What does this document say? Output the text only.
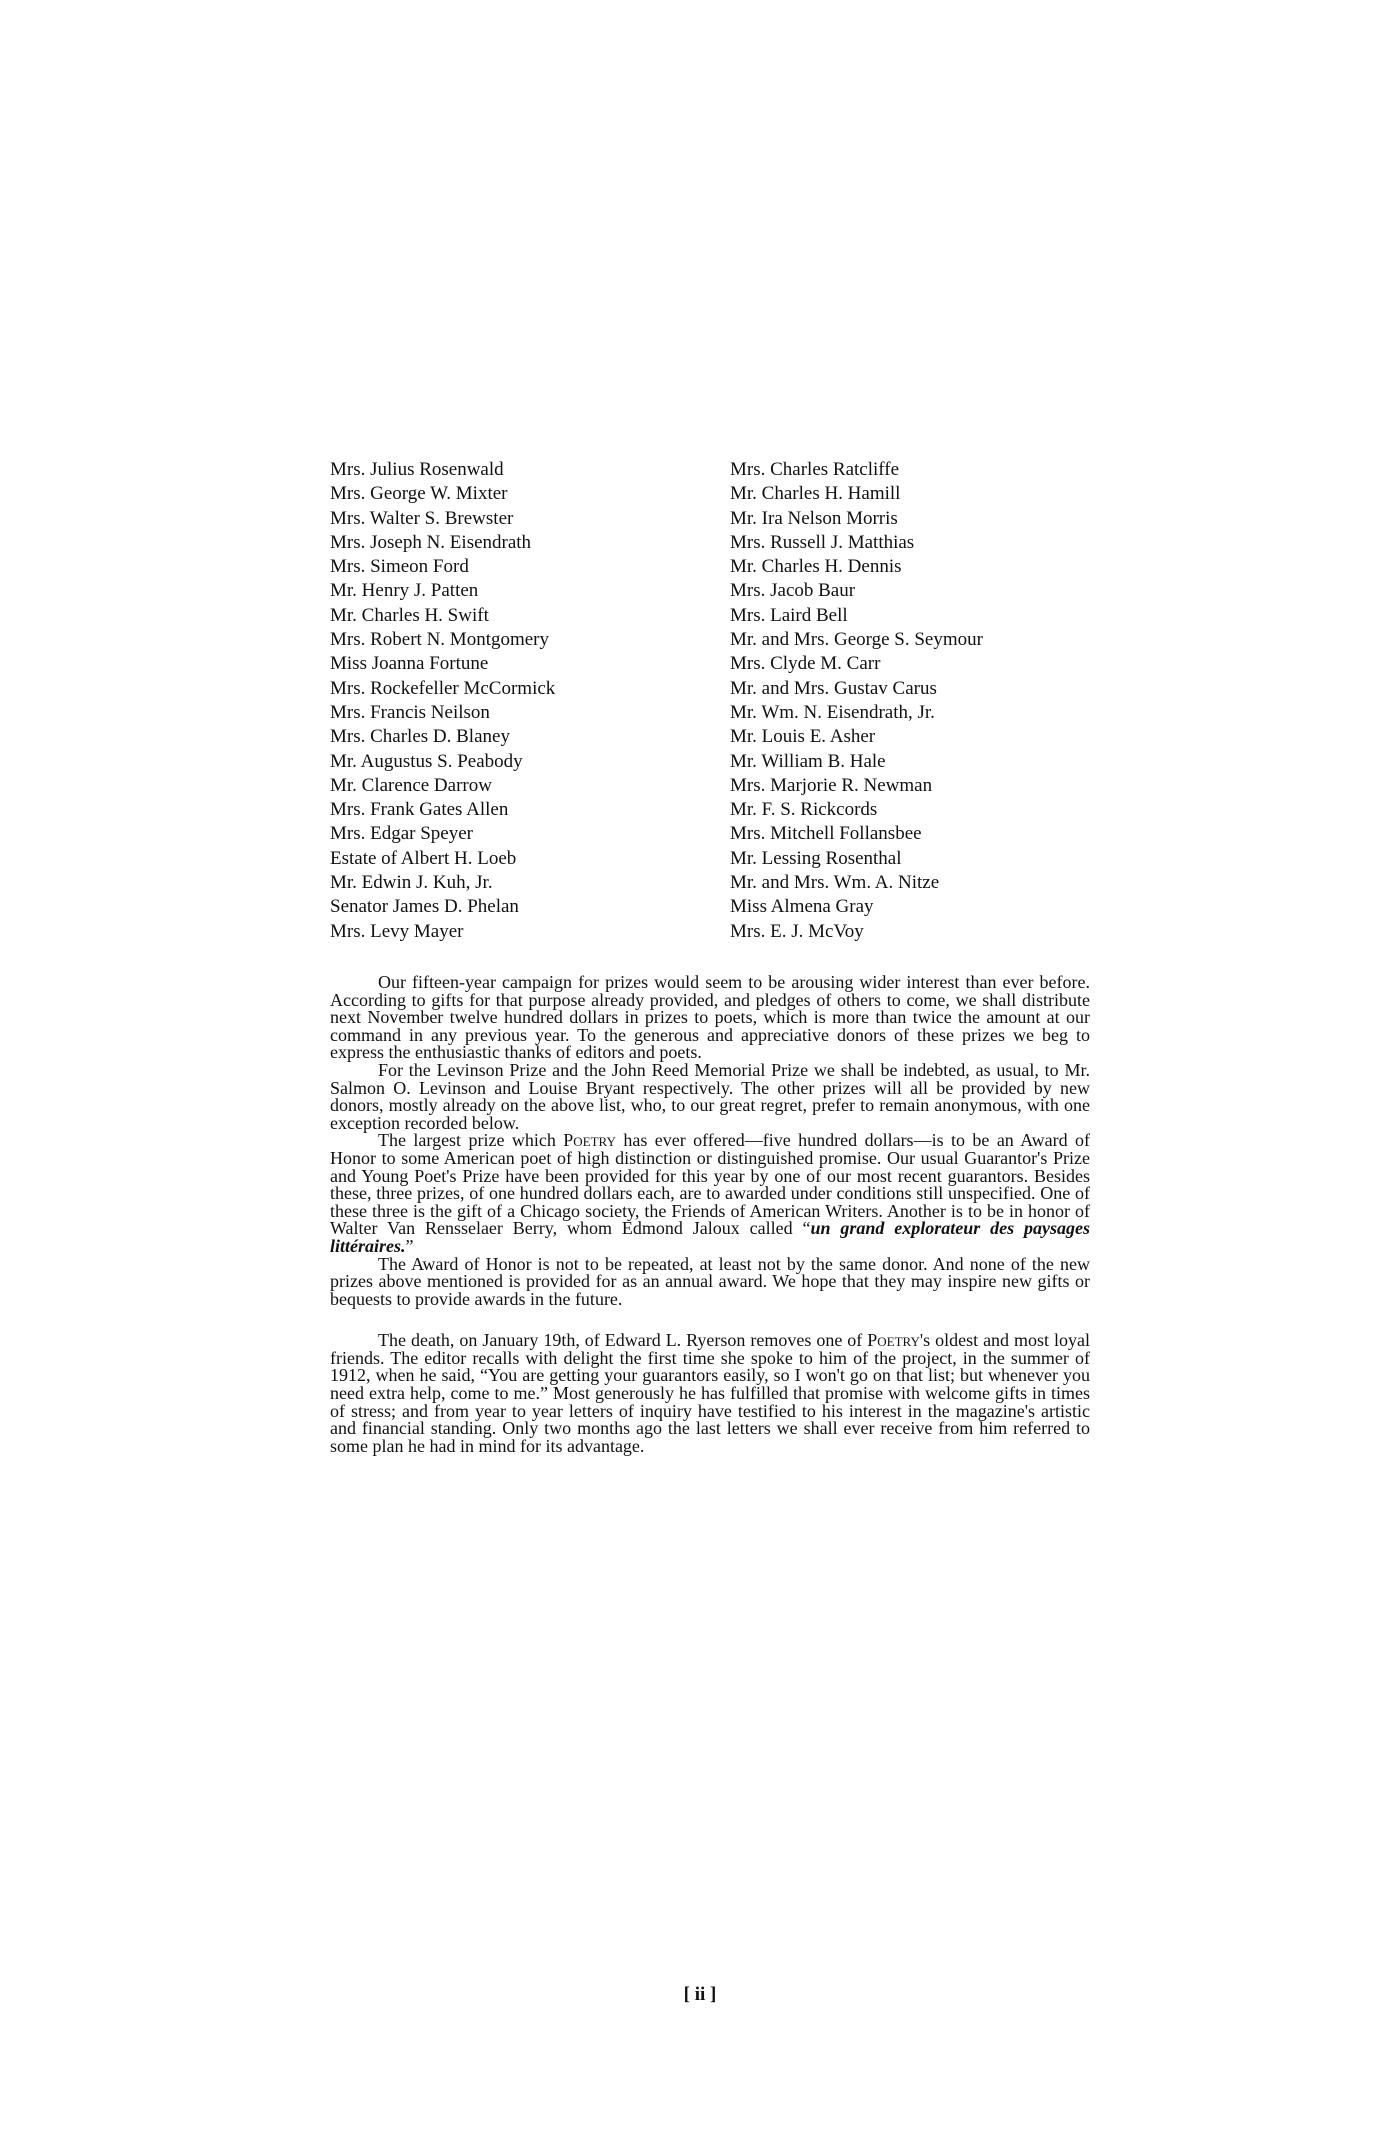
Mrs. Julius Rosenwald
Mrs. George W. Mixter
Mrs. Walter S. Brewster
Mrs. Joseph N. Eisendrath
Mrs. Simeon Ford
Mr. Henry J. Patten
Mr. Charles H. Swift
Mrs. Robert N. Montgomery
Miss Joanna Fortune
Mrs. Rockefeller McCormick
Mrs. Francis Neilson
Mrs. Charles D. Blaney
Mr. Augustus S. Peabody
Mr. Clarence Darrow
Mrs. Frank Gates Allen
Mrs. Edgar Speyer
Estate of Albert H. Loeb
Mr. Edwin J. Kuh, Jr.
Senator James D. Phelan
Mrs. Levy Mayer
Mrs. Charles Ratcliffe
Mr. Charles H. Hamill
Mr. Ira Nelson Morris
Mrs. Russell J. Matthias
Mr. Charles H. Dennis
Mrs. Jacob Baur
Mrs. Laird Bell
Mr. and Mrs. George S. Seymour
Mrs. Clyde M. Carr
Mr. and Mrs. Gustav Carus
Mr. Wm. N. Eisendrath, Jr.
Mr. Louis E. Asher
Mr. William B. Hale
Mrs. Marjorie R. Newman
Mr. F. S. Rickcords
Mrs. Mitchell Follansbee
Mr. Lessing Rosenthal
Mr. and Mrs. Wm. A. Nitze
Miss Almena Gray
Mrs. E. J. McVoy

Our fifteen-year campaign for prizes would seem to be arousing wider interest than ever before. According to gifts for that purpose already provided, and pledges of others to come, we shall distribute next November twelve hundred dollars in prizes to poets, which is more than twice the amount at our command in any previous year. To the generous and appreciative donors of these prizes we beg to express the enthusiastic thanks of editors and poets.

For the Levinson Prize and the John Reed Memorial Prize we shall be indebted, as usual, to Mr. Salmon O. Levinson and Louise Bryant respectively. The other prizes will all be provided by new donors, mostly already on the above list, who, to our great regret, prefer to remain anonymous, with one exception recorded below.

The largest prize which Poetry has ever offered—five hundred dollars—is to be an Award of Honor to some American poet of high distinction or distinguished promise. Our usual Guarantor's Prize and Young Poet's Prize have been provided for this year by one of our most recent guarantors. Besides these, three prizes, of one hundred dollars each, are to awarded under conditions still unspecified. One of these three is the gift of a Chicago society, the Friends of American Writers. Another is to be in honor of Walter Van Rensselaer Berry, whom Edmond Jaloux called “un grand explorateur des paysages littéraires.”

The Award of Honor is not to be repeated, at least not by the same donor. And none of the new prizes above mentioned is provided for as an annual award. We hope that they may inspire new gifts or bequests to provide awards in the future.

The death, on January 19th, of Edward L. Ryerson removes one of Poetry's oldest and most loyal friends. The editor recalls with delight the first time she spoke to him of the project, in the summer of 1912, when he said, “You are getting your guarantors easily, so I won't go on that list; but whenever you need extra help, come to me.” Most generously he has fulfilled that promise with welcome gifts in times of stress; and from year to year letters of inquiry have testified to his interest in the magazine's artistic and financial standing. Only two months ago the last letters we shall ever receive from him referred to some plan he had in mind for its advantage.

[ ii ]
